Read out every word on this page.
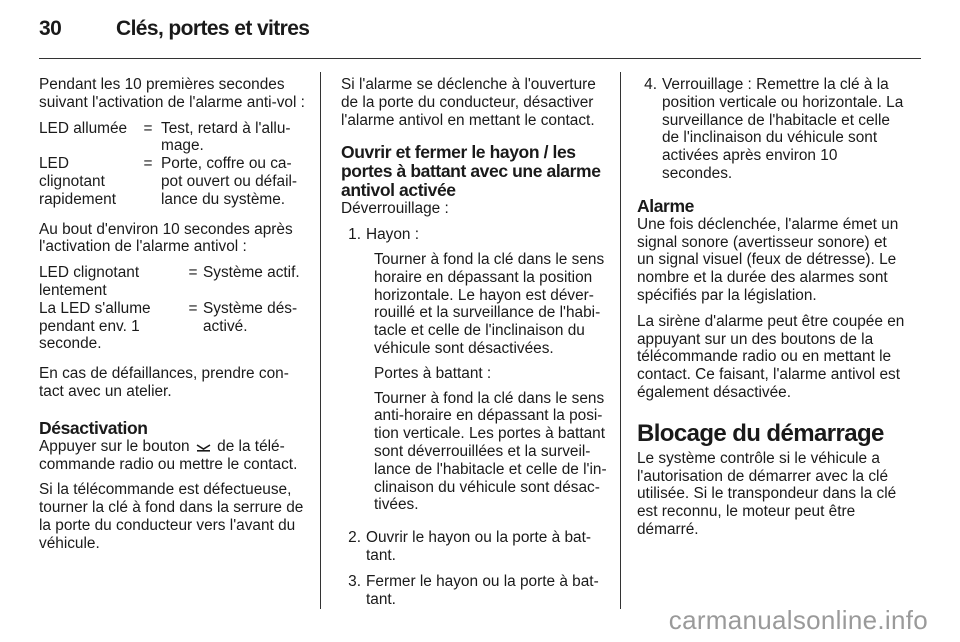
30	Clés, portes et vitres

Pendant les 10 premières secondes suivant l'activation de l'alarme anti-vol :

LED allumée	= Test, retard à l'allu-mage.
LED clignotant rapidement
= Porte, coffre ou ca-pot ouvert ou défail-lance du système.

Au bout d'environ 10 secondes après l'activation de l'alarme antivol :

LED clignotant lentement
= Système actif.
La LED s'allume pendant env. 1 seconde.
= Système dés-activé.

En cas de défaillances, prendre con-tact avec un atelier.

Désactivation

Appuyer sur le bouton de la télé-commande radio ou mettre le contact.

Si la télécommande est défectueuse, tourner la clé à fond dans la serrure de la porte du conducteur vers l'avant du véhicule.

Si l'alarme se déclenche à l'ouverture de la porte du conducteur, désactiver l'alarme antivol en mettant le contact.

Ouvrir et fermer le hayon / les portes à battant avec une alarme antivol activée

Déverrouillage :

1. Hayon :

Tourner à fond la clé dans le sens horaire en dépassant la position horizontale. Le hayon est déver-rouillé et la surveillance de l'habi-tacle et celle de l'inclinaison du véhicule sont désactivées.

Portes à battant :

Tourner à fond la clé dans le sens anti-horaire en dépassant la posi-tion verticale. Les portes à battant sont déverrouillées et la surveil-lance de l'habitacle et celle de l'in-clinaison du véhicule sont désac-tivées.

2. Ouvrir le hayon ou la porte à bat-tant.
3. Fermer le hayon ou la porte à bat-tant.
4. Verrouillage : Remettre la clé à la position verticale ou horizontale. La surveillance de l'habitacle et celle de l'inclinaison du véhicule sont activées après environ 10 secondes.
Alarme

Une fois déclenchée, l'alarme émet un signal sonore (avertisseur sonore) et un signal visuel (feux de détresse). Le nombre et la durée des alarmes sont spécifiés par la législation.

La sirène d'alarme peut être coupée en appuyant sur un des boutons de la télécommande radio ou en mettant le contact. Ce faisant, l'alarme antivol est également désactivée.

Blocage du démarrage

Le système contrôle si le véhicule a l'autorisation de démarrer avec la clé utilisée. Si le transpondeur dans la clé est reconnu, le moteur peut être démarré.

carmanualsonline.info
